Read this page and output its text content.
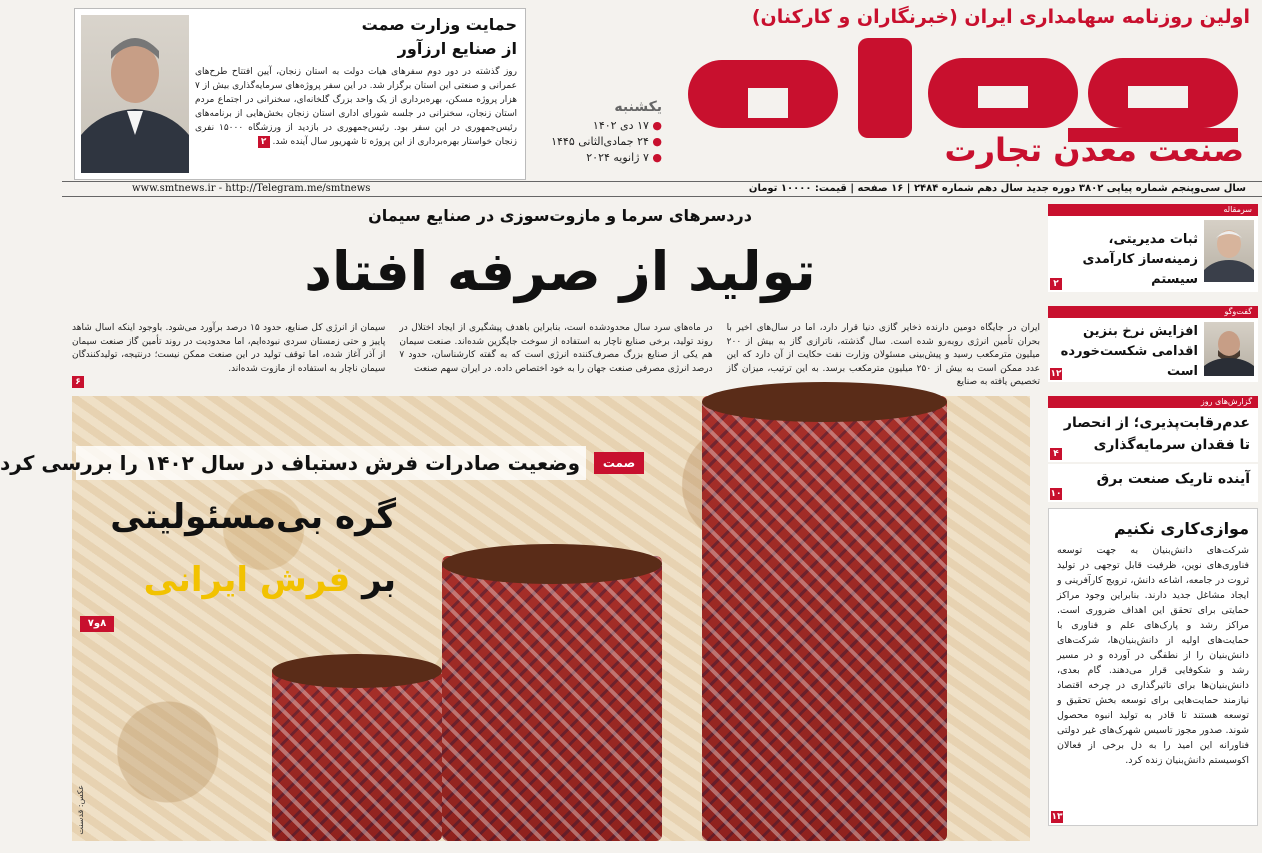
اولین روزنامه سهامداری ایران (خبرنگاران و کارکنان)
صنعت معدن تجارت
یکشنبه
● ۱۷ دی ۱۴۰۲
● ۲۴ جمادی‌الثانی ۱۴۴۵
● ۷ ژانویه ۲۰۲۴
حمایت وزارت صمت
از صنایع ارزآور
روز گذشته در دور دوم سفرهای هیات دولت به استان زنجان، آیین افتتاح طرح‌های عمرانی و صنعتی این استان برگزار شد. در این سفر پروژه‌های سرمایه‌گذاری بیش از ۷ هزار پروژه مسکن، بهره‌برداری از یک واحد بزرگ گلخانه‌ای، سخنرانی در اجتماع مردم استان زنجان، سخنرانی در جلسه شورای اداری استان زنجان بخش‌هایی از برنامه‌های رئیس‌جمهوری در این سفر بود. رئیس‌جمهوری در بازدید از ورزشگاه ۱۵۰۰۰ نفری زنجان خواستار بهره‌برداری از این پروژه تا شهریور سال آینده شد. ۲
سال سی‌وپنجم شماره پیاپی ۳۸۰۲ دوره جدید سال دهم شماره ۲۴۸۴ | ۱۶ صفحه | قیمت: ۱۰۰۰۰ تومان
www.smtnews.ir - http://Telegram.me/smtnews
سرمقاله
ثبات مدیریتی، زمینه‌ساز کارآمدی سیستم
۲
گفت‌وگو
افزایش نرخ بنزین اقدامی شکست‌خورده است
۱۲
گزارش‌های روز
عدم‌رقابت‌پذیری؛ از انحصار تا فقدان سرمایه‌گذاری
۴
آینده تاریک صنعت برق
۱۰
موازی‌کاری نکنیم
شرکت‌های دانش‌بنیان به جهت توسعه فناوری‌های نوین، ظرفیت قابل توجهی در تولید ثروت در جامعه، اشاعه دانش، ترویج کارآفرینی و ایجاد مشاغل جدید دارند. بنابراین وجود مراکز حمایتی برای تحقق این اهداف ضروری است. مراکز رشد و پارک‌های علم و فناوری با حمایت‌های اولیه از دانش‌بنیان‌ها، شرکت‌های دانش‌بنیان را از نطفگی در آورده و در مسیر رشد و شکوفایی قرار می‌دهند. گام بعدی، دانش‌بنیان‌ها برای تاثیرگذاری در چرخه اقتصاد نیازمند حمایت‌هایی برای توسعه بخش تحقیق و توسعه هستند تا قادر به تولید انبوه محصول شوند. صدور مجوز تاسیس شهرک‌های غیر دولتی فناورانه این امید را به دل برخی از فعالان اکوسیستم دانش‌بنیان زنده کرد.
۱۳
دردسرهای سرما و مازوت‌سوزی در صنایع سیمان
تولید از صرفه افتاد
ایران در جایگاه دومین دارنده ذخایر گازی دنیا قرار دارد، اما در سال‌های اخیر با بحران تأمین انرژی روبه‌رو شده است. سال گذشته، ناترازی گاز به بیش از ۲۰۰ میلیون مترمکعب رسید و پیش‌بینی مسئولان وزارت نفت حکایت از آن دارد که این عدد ممکن است به بیش از ۲۵۰ میلیون مترمکعب برسد. به این ترتیب، میزان گاز تخصیص یافته به صنایع
در ماه‌های سرد سال محدودشده است، بنابراین باهدف پیشگیری از ایجاد اختلال در روند تولید، برخی صنایع ناچار به استفاده از سوخت جایگزین شده‌اند. صنعت سیمان هم یکی از صنایع بزرگ مصرف‌کننده انرژی است که به گفته کارشناسان، حدود ۷ درصد انرژی مصرفی صنعت جهان را به خود اختصاص داده. در ایران سهم صنعت
سیمان از انرژی کل صنایع، حدود ۱۵ درصد برآورد می‌شود. باوجود اینکه اسال شاهد پاییز و حتی زمستان سردی نبوده‌ایم، اما محدودیت در روند تأمین گاز صنعت سیمان از آذر آغاز شده، اما توقف تولید در این صنعت ممکن نیست؛ درنتیجه، تولیدکنندگان سیمان ناچار به استفاده از مازوت شده‌اند.
۶
صمت
وضعیت صادرات فرش دستباف در سال ۱۴۰۲ را بررسی کرد
گره بی‌مسئولیتی
بر فرش ایرانی
۸و۷
عکس: قدسنت
